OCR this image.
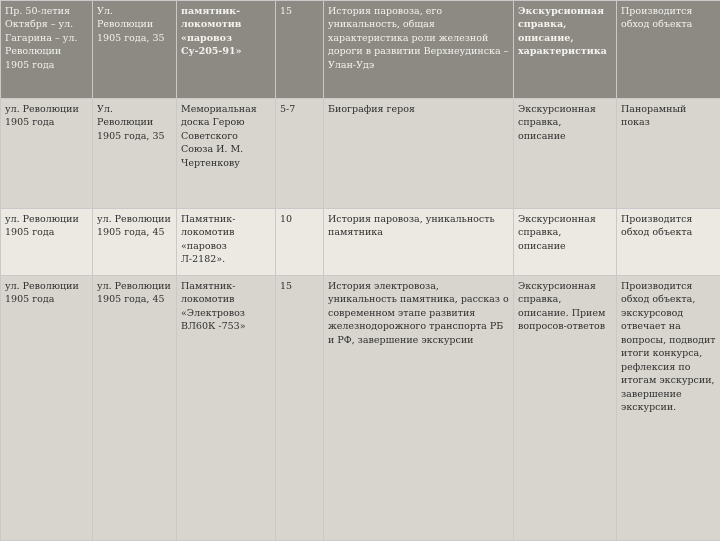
Пр. 50-летия Октября – ул. Гагарина – ул. Революции 1905 года	Ул. Революции 1905 года, 35	памятник-локомотив «паровоз Су-205-91»	15	История паровоза, его уникальность, общая характеристика роли железной дороги в развитии Верхнеудинска – Улан-Удэ	Экскурсионная справка, описание, характеристика	Производится обход объекта
ул. Революции 1905 года	Ул. Революции 1905 года, 35	Мемориальная доска Герою Советского Союза И. М. Чертенкову	5-7	Биография героя	Экскурсионная справка, описание	Панорамный показ
ул. Революции 1905 года	ул. Революции 1905 года, 45	Памятник-локомотив «паровоз Л-2182».	10	История паровоза, уникальность памятника	Экскурсионная справка, описание	Производится обход объекта
ул. Революции 1905 года	ул. Революции 1905 года, 45	Памятник-локомотив «Электровоз ВЛ60К -753»	15	История электровоза, уникальность памятника, рассказ о современном этапе развития железнодорожного транспорта РБ и РФ, завершение экскурсии	Экскурсионная справка, описание. Прием вопросов-ответов	Производится обход объекта, экскурсовод отвечает на вопросы, подводит итоги конкурса, рефлексия по итогам экскурсии, завершение экскурсии.
